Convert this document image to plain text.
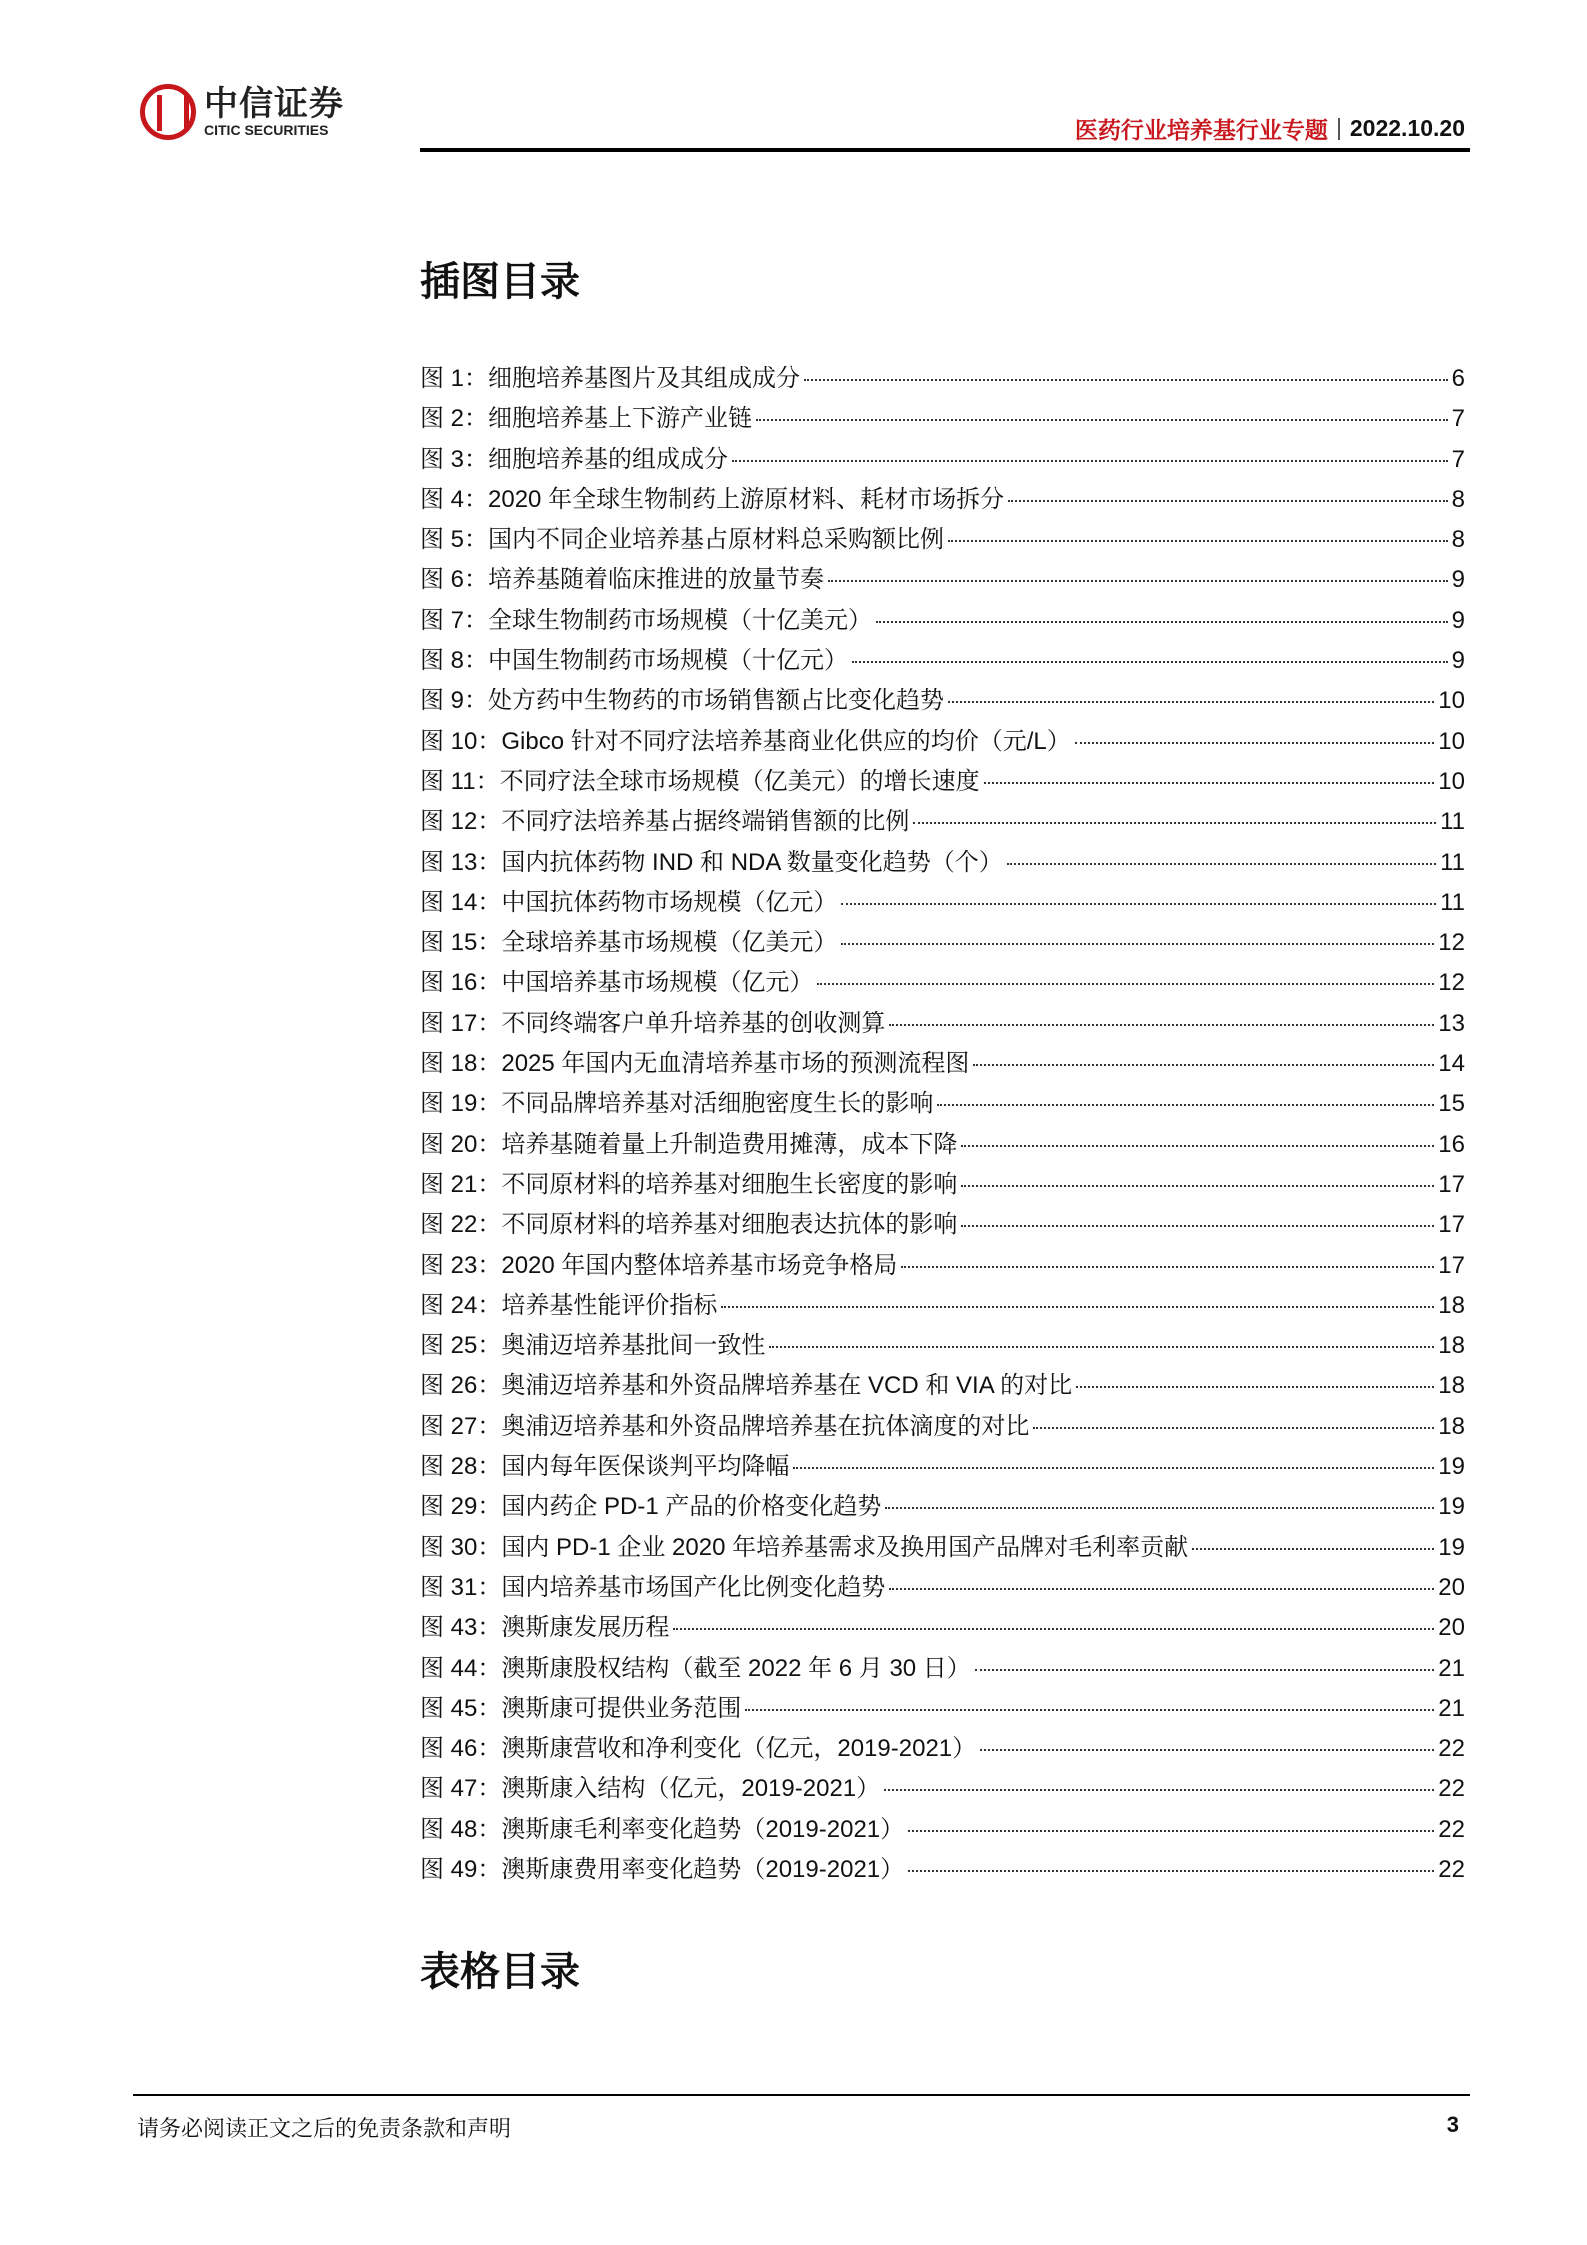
中信证券
CITIC SECURITIES	医药行业培养基行业专题 2022.10.20
插图目录
图 1：细胞培养基图片及其组成成分	6
图 2：细胞培养基上下游产业链	7
图 3：细胞培养基的组成成分	7
图 4：2020 年全球生物制药上游原材料、耗材市场拆分	8
图 5：国内不同企业培养基占原材料总采购额比例	8
图 6：培养基随着临床推进的放量节奏	9
图 7：全球生物制药市场规模（十亿美元）	9
图 8：中国生物制药市场规模（十亿元）	9
图 9：处方药中生物药的市场销售额占比变化趋势	10
图 10：Gibco 针对不同疗法培养基商业化供应的均价（元/L）	10
图 11：不同疗法全球市场规模（亿美元）的增长速度	10
图 12：不同疗法培养基占据终端销售额的比例	11
图 13：国内抗体药物 IND 和 NDA 数量变化趋势（个）	11
图 14：中国抗体药物市场规模（亿元）	11
图 15：全球培养基市场规模（亿美元）	12
图 16：中国培养基市场规模（亿元）	12
图 17：不同终端客户单升培养基的创收测算	13
图 18：2025 年国内无血清培养基市场的预测流程图	14
图 19：不同品牌培养基对活细胞密度生长的影响	15
图 20：培养基随着量上升制造费用摊薄，成本下降	16
图 21：不同原材料的培养基对细胞生长密度的影响	17
图 22：不同原材料的培养基对细胞表达抗体的影响	17
图 23：2020 年国内整体培养基市场竞争格局	17
图 24：培养基性能评价指标	18
图 25：奥浦迈培养基批间一致性	18
图 26：奥浦迈培养基和外资品牌培养基在 VCD 和 VIA 的对比	18
图 27：奥浦迈培养基和外资品牌培养基在抗体滴度的对比	18
图 28：国内每年医保谈判平均降幅	19
图 29：国内药企 PD-1 产品的价格变化趋势	19
图 30：国内 PD-1 企业 2020 年培养基需求及换用国产品牌对毛利率贡献	19
图 31：国内培养基市场国产化比例变化趋势	20
图 43：澳斯康发展历程	20
图 44：澳斯康股权结构（截至 2022 年 6 月 30 日）	21
图 45：澳斯康可提供业务范围	21
图 46：澳斯康营收和净利变化（亿元，2019-2021）	22
图 47：澳斯康入结构（亿元，2019-2021）	22
图 48：澳斯康毛利率变化趋势（2019-2021）	22
图 49：澳斯康费用率变化趋势（2019-2021）	22
表格目录
请务必阅读正文之后的免责条款和声明	3
